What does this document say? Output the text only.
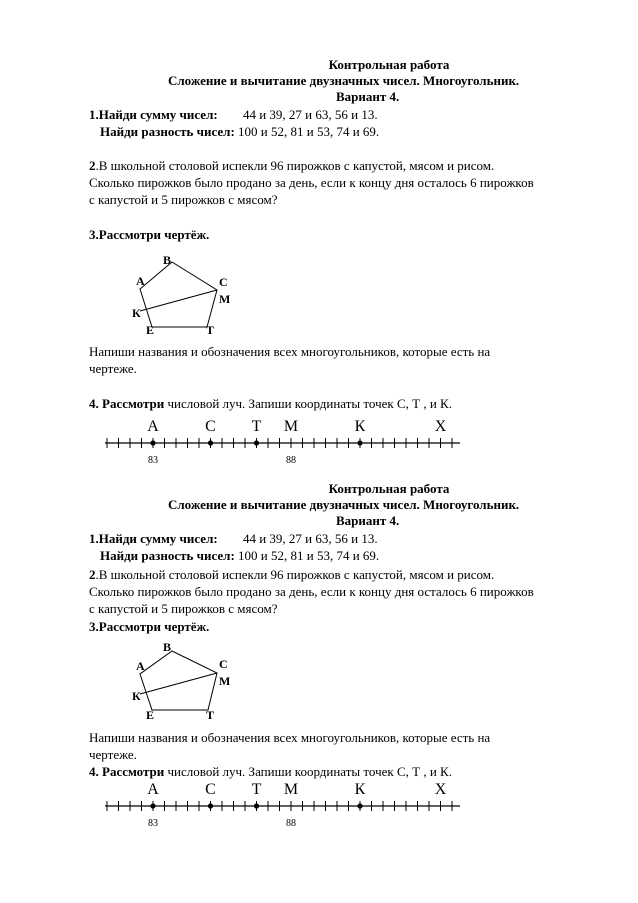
Контрольная работа
Сложение и вычитание двузначных чисел. Многоугольник.
Вариант 4.
1.Найди сумму чисел: 44 и 39, 27 и 63, 56 и 13.
Найди разность чисел: 100 и 52, 81 и 53, 74 и 69.
2.В школьной столовой испекли 96 пирожков с капустой, мясом и рисом.
Сколько пирожков было продано за день, если к концу дня осталось 6 пирожков
с капустой и 5 пирожков с мясом?
3.Рассмотри чертёж.
В
А	С
М
К
Е	Т
Напиши названия и обозначения всех многоугольников, которые есть на
чертеже.
4. Рассмотри числовой луч. Запиши координаты точек С, Т , и К.
А	С Т М	К	Х
83	88
Контрольная работа
Сложение и вычитание двузначных чисел. Многоугольник.
Вариант 4.
1.Найди сумму чисел: 44 и 39, 27 и 63, 56 и 13.
Найди разность чисел: 100 и 52, 81 и 53, 74 и 69.
2.В школьной столовой испекли 96 пирожков с капустой, мясом и рисом.
Сколько пирожков было продано за день, если к концу дня осталось 6 пирожков
с капустой и 5 пирожков с мясом?
3.Рассмотри чертёж.
В
А	С
М
К
Е	Т
Напиши названия и обозначения всех многоугольников, которые есть на
чертеже.
4. Рассмотри числовой луч. Запиши координаты точек С, Т , и К.
А	С Т М	К	Х
83	88
